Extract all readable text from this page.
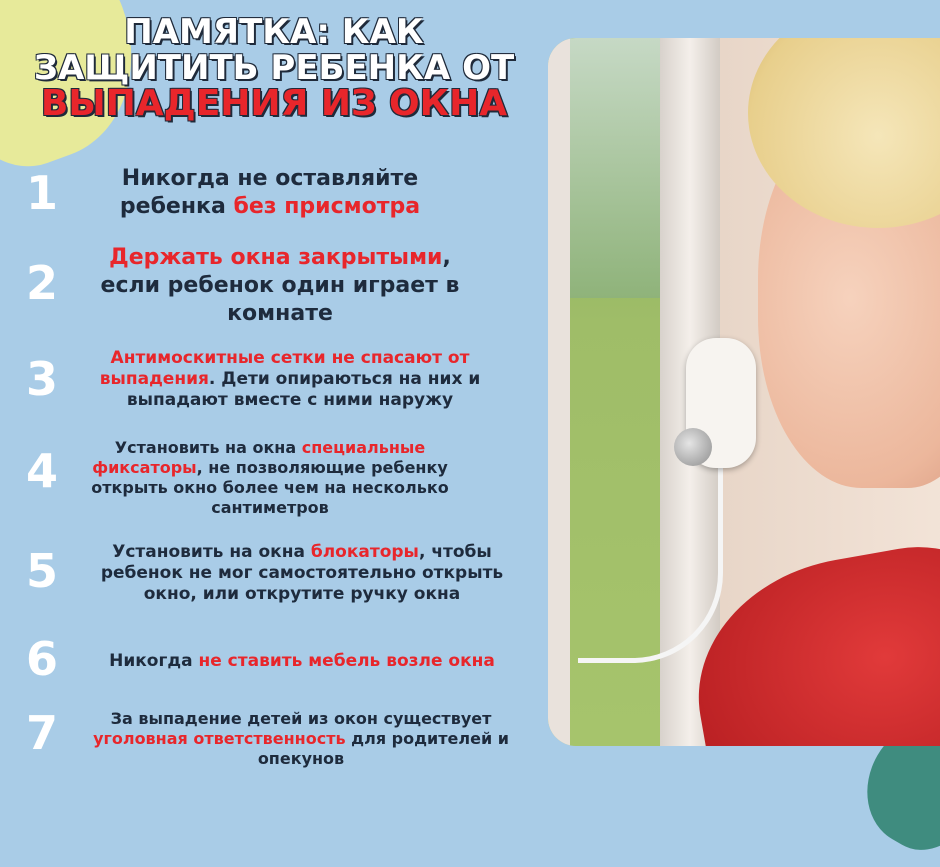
ПАМЯТКА: КАК
ЗАЩИТИТЬ РЕБЕНКА ОТ
ВЫПАДЕНИЯ ИЗ ОКНА
1
2
3
4
5
6
7
Никогда не оставляйте
ребенка без присмотра
Держать окна закрытыми,
если ребенок один играет в
комнате
Антимоскитные сетки не спасают от
выпадения. Дети опираються на них и
выпадают вместе с ними наружу
Установить на окна специальные
фиксаторы, не позволяющие ребенку
открыть окно более чем на несколько
сантиметров
Установить на окна блокаторы, чтобы
ребенок не мог самостоятельно открыть
окно, или открутите ручку окна
Никогда не ставить мебель возле окна
За выпадение детей из окон существует
уголовная ответственность для родителей и
опекунов
